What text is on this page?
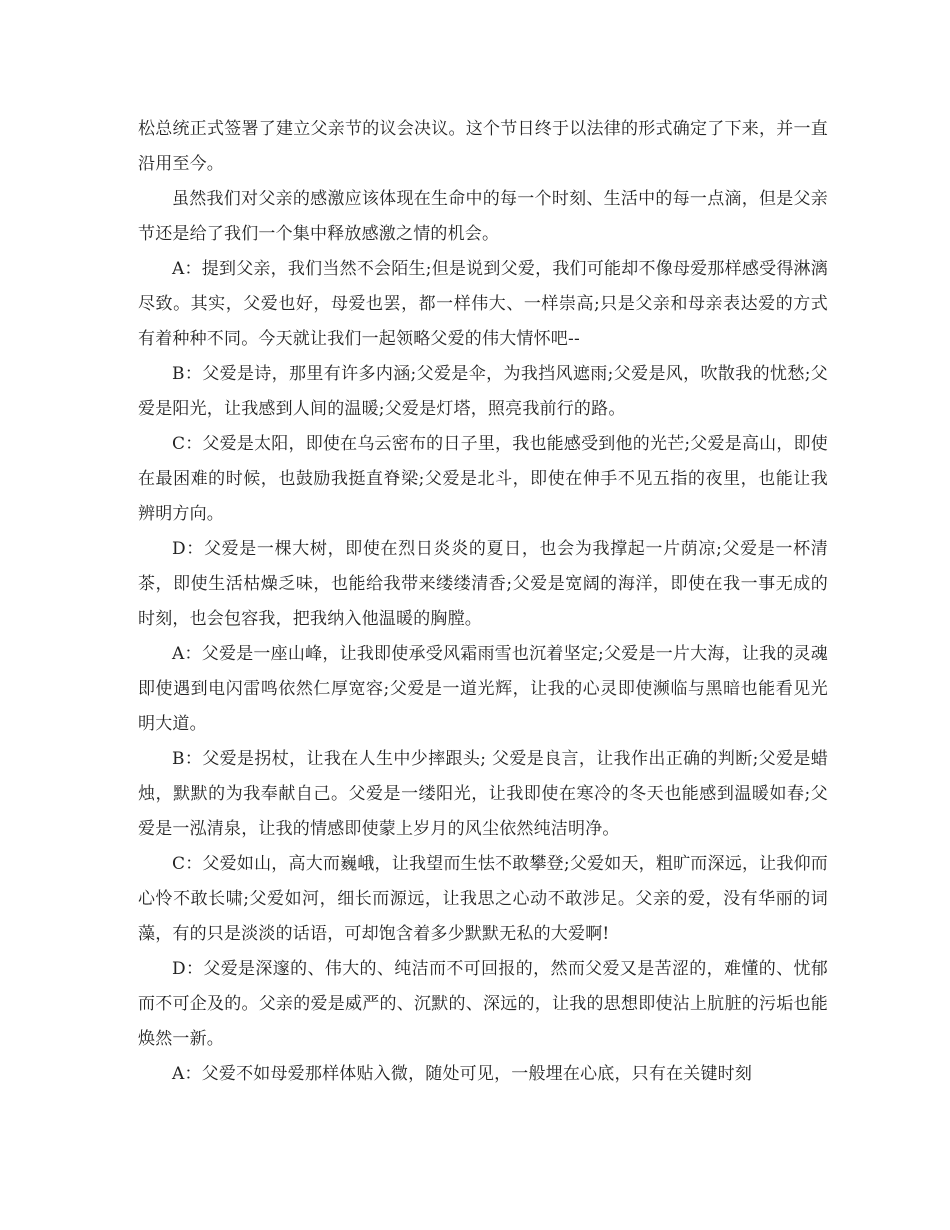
松总统正式签署了建立父亲节的议会决议。这个节日终于以法律的形式确定了下来，并一直沿用至今。

虽然我们对父亲的感激应该体现在生命中的每一个时刻、生活中的每一点滴，但是父亲节还是给了我们一个集中释放感激之情的机会。

A：提到父亲，我们当然不会陌生;但是说到父爱，我们可能却不像母爱那样感受得淋漓尽致。其实，父爱也好，母爱也罢，都一样伟大、一样崇高;只是父亲和母亲表达爱的方式有着种种不同。今天就让我们一起领略父爱的伟大情怀吧--

B：父爱是诗，那里有许多内涵;父爱是伞，为我挡风遮雨;父爱是风，吹散我的忧愁;父爱是阳光，让我感到人间的温暖;父爱是灯塔，照亮我前行的路。

C：父爱是太阳，即使在乌云密布的日子里，我也能感受到他的光芒;父爱是高山，即使在最困难的时候，也鼓励我挺直脊梁;父爱是北斗，即使在伸手不见五指的夜里，也能让我辨明方向。

D：父爱是一棵大树，即使在烈日炎炎的夏日，也会为我撑起一片荫凉;父爱是一杯清茶，即使生活枯燥乏味，也能给我带来缕缕清香;父爱是宽阔的海洋，即使在我一事无成的时刻，也会包容我，把我纳入他温暖的胸膛。

A：父爱是一座山峰，让我即使承受风霜雨雪也沉着坚定;父爱是一片大海，让我的灵魂即使遇到电闪雷鸣依然仁厚宽容;父爱是一道光辉，让我的心灵即使濒临与黑暗也能看见光明大道。

B：父爱是拐杖，让我在人生中少摔跟头; 父爱是良言，让我作出正确的判断;父爱是蜡烛，默默的为我奉献自己。父爱是一缕阳光，让我即使在寒冷的冬天也能感到温暖如春;父爱是一泓清泉，让我的情感即使蒙上岁月的风尘依然纯洁明净。

C：父爱如山，高大而巍峨，让我望而生怯不敢攀登;父爱如天，粗旷而深远，让我仰而心怜不敢长啸;父爱如河，细长而源远，让我思之心动不敢涉足。父亲的爱，没有华丽的词藻，有的只是淡淡的话语，可却饱含着多少默默无私的大爱啊!

D：父爱是深邃的、伟大的、纯洁而不可回报的，然而父爱又是苦涩的，难懂的、忧郁而不可企及的。父亲的爱是威严的、沉默的、深远的，让我的思想即使沾上肮脏的污垢也能焕然一新。

A：父爱不如母爱那样体贴入微，随处可见，一般埋在心底，只有在关键时刻
